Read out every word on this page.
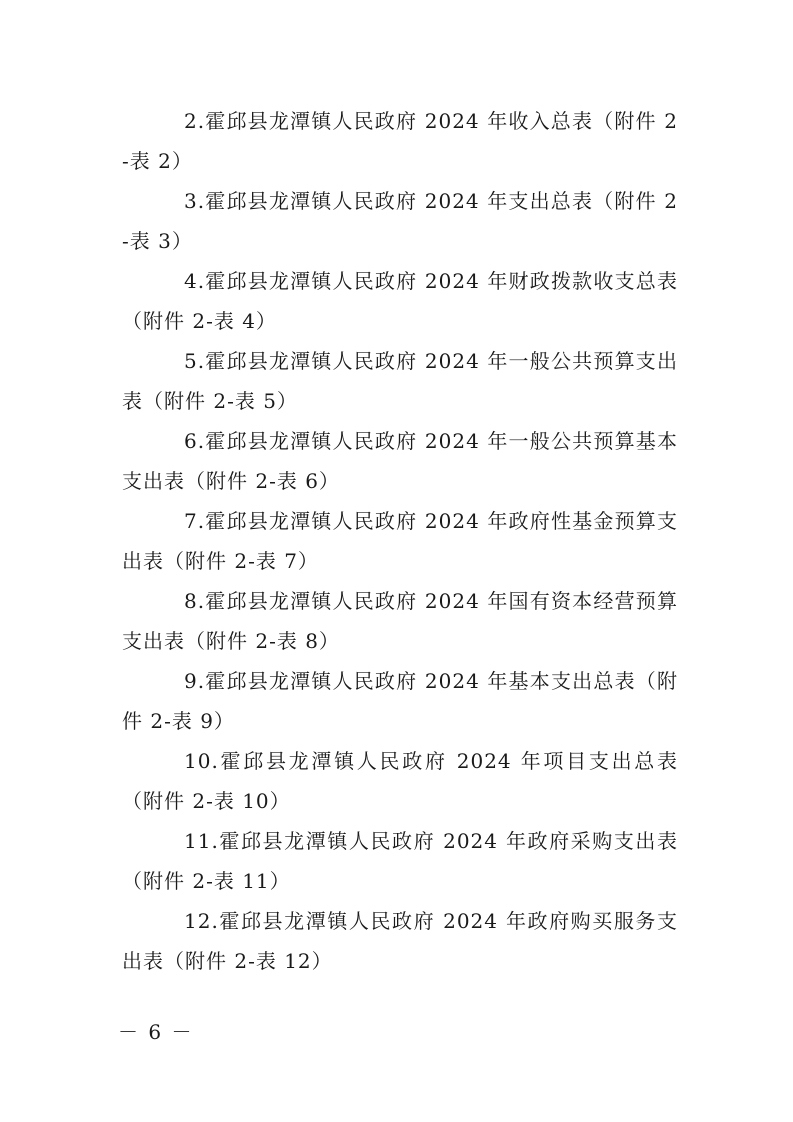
2.霍邱县龙潭镇人民政府 2024 年收入总表（附件 2-表 2）

3.霍邱县龙潭镇人民政府 2024 年支出总表（附件 2-表 3）

4.霍邱县龙潭镇人民政府 2024 年财政拨款收支总表（附件 2-表 4）

5.霍邱县龙潭镇人民政府 2024 年一般公共预算支出表（附件 2-表 5）

6.霍邱县龙潭镇人民政府 2024 年一般公共预算基本支出表（附件 2-表 6）

7.霍邱县龙潭镇人民政府 2024 年政府性基金预算支出表（附件 2-表 7）

8.霍邱县龙潭镇人民政府 2024 年国有资本经营预算支出表（附件 2-表 8）

9.霍邱县龙潭镇人民政府 2024 年基本支出总表（附件 2-表 9）

10.霍邱县龙潭镇人民政府 2024 年项目支出总表（附件 2-表 10）

11.霍邱县龙潭镇人民政府 2024 年政府采购支出表（附件 2-表 11）

12.霍邱县龙潭镇人民政府 2024 年政府购买服务支出表（附件 2-表 12）

－ 6 －
